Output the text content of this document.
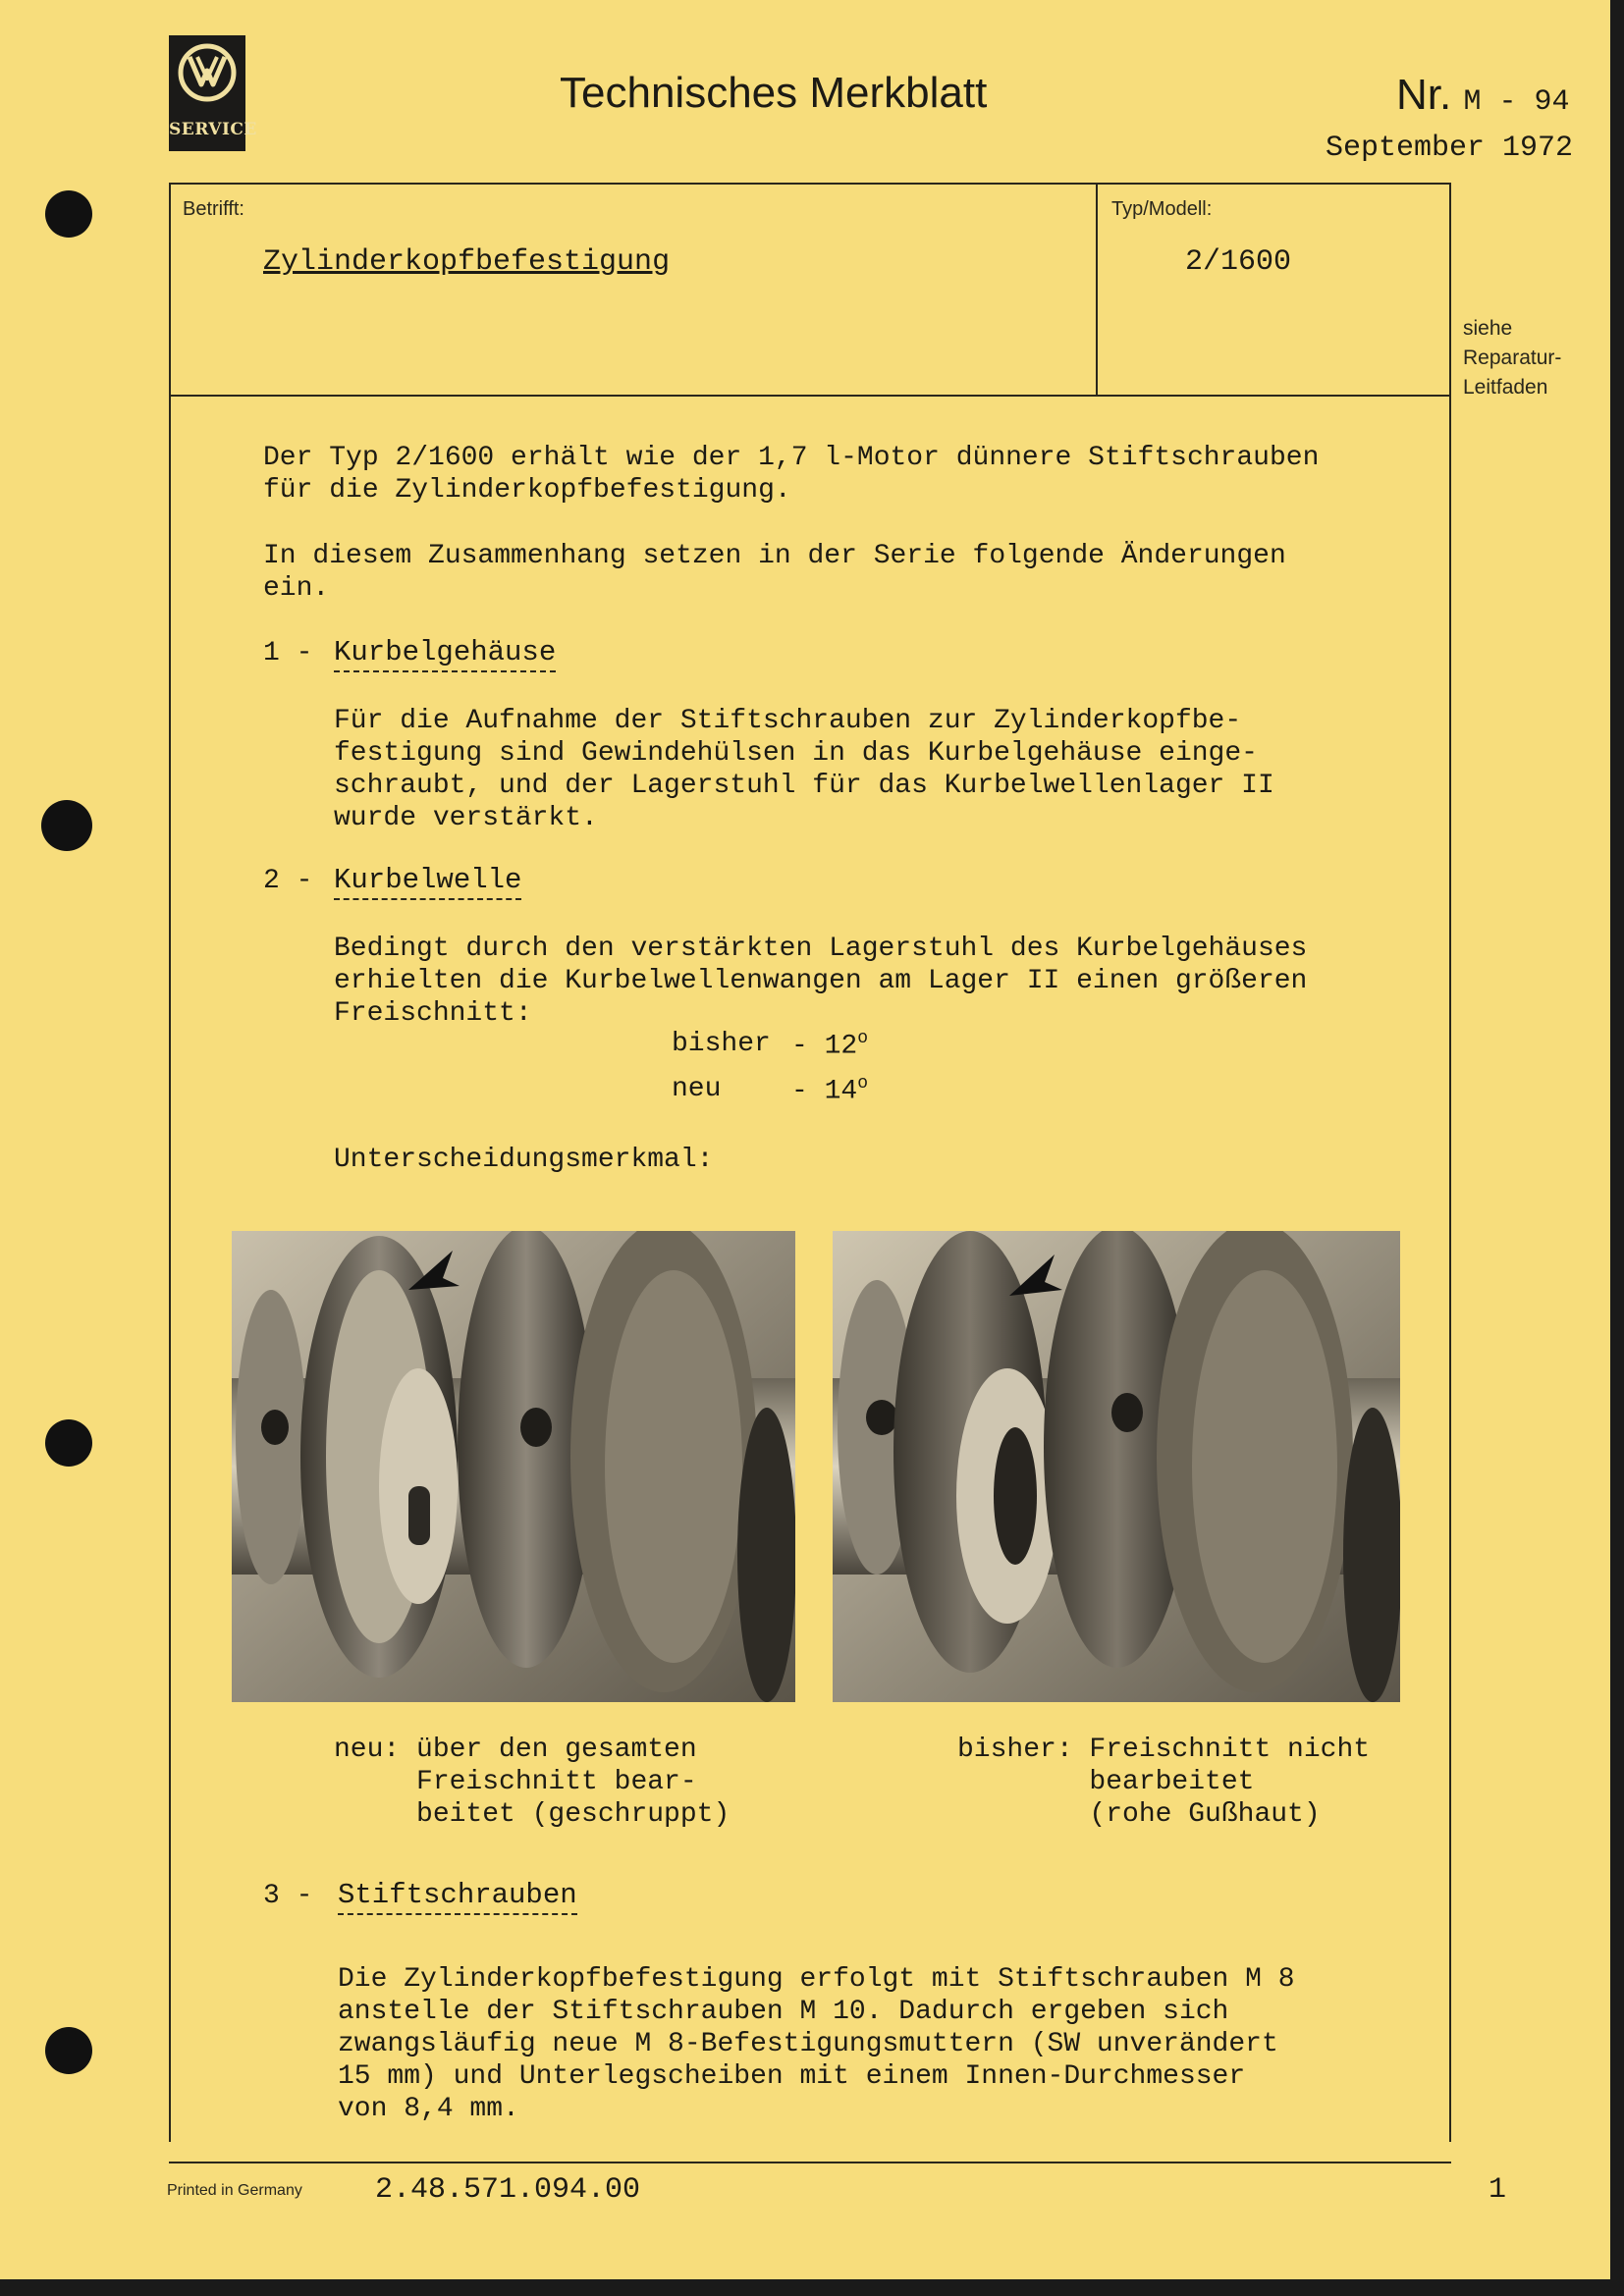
SERVICE
Technisches Merkblatt	Nr. M - 94
September 1972
Betrifft:
Zylinderkopfbefestigung
Typ/Modell:
2/1600
siehe
Reparatur-
Leitfaden

Der Typ 2/1600 erhält wie der 1,7 l-Motor dünnere Stiftschrauben
für die Zylinderkopfbefestigung.

In diesem Zusammenhang setzen in der Serie folgende Änderungen
ein.

1 - Kurbelgehäuse

Für die Aufnahme der Stiftschrauben zur Zylinderkopfbe-
festigung sind Gewindehülsen in das Kurbelgehäuse einge-
schraubt, und der Lagerstuhl für das Kurbelwellenlager II
wurde verstärkt.

2 - Kurbelwelle

Bedingt durch den verstärkten Lagerstuhl des Kurbelgehäuses
erhielten die Kurbelwellenwangen am Lager II einen größeren
Freischnitt:

bisher - 12$^o$
neu	- 14$^o$
Unterscheidungsmerkmal:

neu: über den gesamten
Freischnitt bear-
beitet (geschruppt)

bisher: Freischnitt nicht
bearbeitet
(rohe Gußhaut)

3 - Stiftschrauben

Die Zylinderkopfbefestigung erfolgt mit Stiftschrauben M 8
anstelle der Stiftschrauben M 10. Dadurch ergeben sich
zwangsläufig neue M 8-Befestigungsmuttern (SW unverändert
15 mm) und Unterlegscheiben mit einem Innen-Durchmesser
von 8,4 mm.

Printed in Germany 2.48.571.094.00	1
